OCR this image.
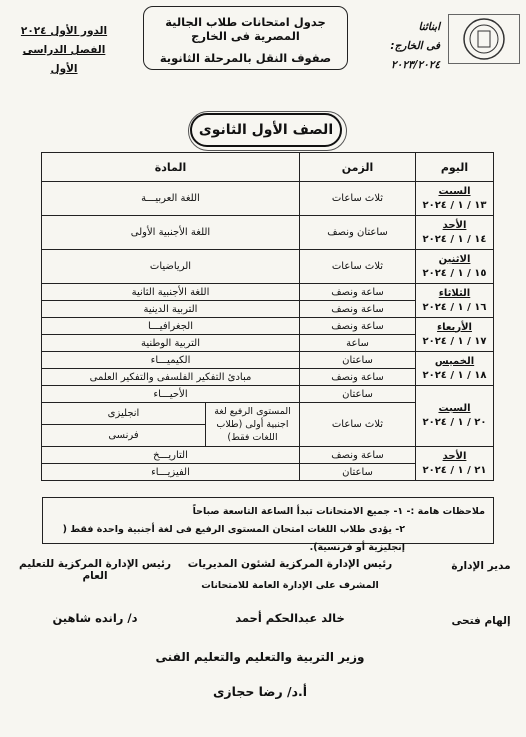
ابنائنا
فى الخارج:
٢٠٢٣/٢٠٢٤
جدول امتحانات طلاب الجالية المصرية فى الخارج
صفوف النقل بالمرحلة الثانوية
الدور الأول ٢٠٢٤
الفصل الدراسى الأول
الصف الأول الثانوى
اليوم	الزمن	المادة	

السبت
١٣ / ١ / ٢٠٢٤	ثلاث ساعات	اللغة العربيـــة	

الأحد
١٤ / ١ / ٢٠٢٤	ساعتان ونصف	اللغة الأجنبية الأولى	

الاثنين
١٥ / ١ / ٢٠٢٤	ثلاث ساعات	الرياضيات	

الثلاثاء
١٦ / ١ / ٢٠٢٤	ساعة ونصف	اللغة الأجنبية الثانية	
	ساعة ونصف	التربية الدينية	

الأربعاء
١٧ / ١ / ٢٠٢٤	ساعة ونصف	الجغرافيـــا	
	ساعة	التربية الوطنية	

الخميس
١٨ / ١ / ٢٠٢٤	ساعتان	الكيميـــاء	
	ساعة ونصف	مبادئ التفكير الفلسفى والتفكير العلمى	

السبت
٢٠ / ١ / ٢٠٢٤	ساعتان	الأحيـــاء	
	ثلاث ساعات	المستوى الرفيع لغة اجنبية أولى (طلاب اللغات فقط)	انجليزى
			فرنسى

الأحد
٢١ / ١ / ٢٠٢٤	ساعة ونصف	التاريـــخ	
	ساعتان	الفيزيـــاء	
ملاحظات هامة :- ١- جميع الامتحانات تبدأ الساعة التاسعة صباحاً
٢- يؤدى طلاب اللغات امتحان المستوى الرفيع فى لغة أجنبية واحدة فقط ( إنجليزية أو فرنسية).
مدير الإدارة
إلهام فتحى
رئيس الإدارة المركزية لشئون المديريات
المشرف على الإدارة العامة للامتحانات
خالد عبدالحكم أحمد
رئيس الإدارة المركزية للتعليم العام
د/ رانده شاهين
وزير التربية والتعليم والتعليم الفنى
أ.د/ رضا حجازى
